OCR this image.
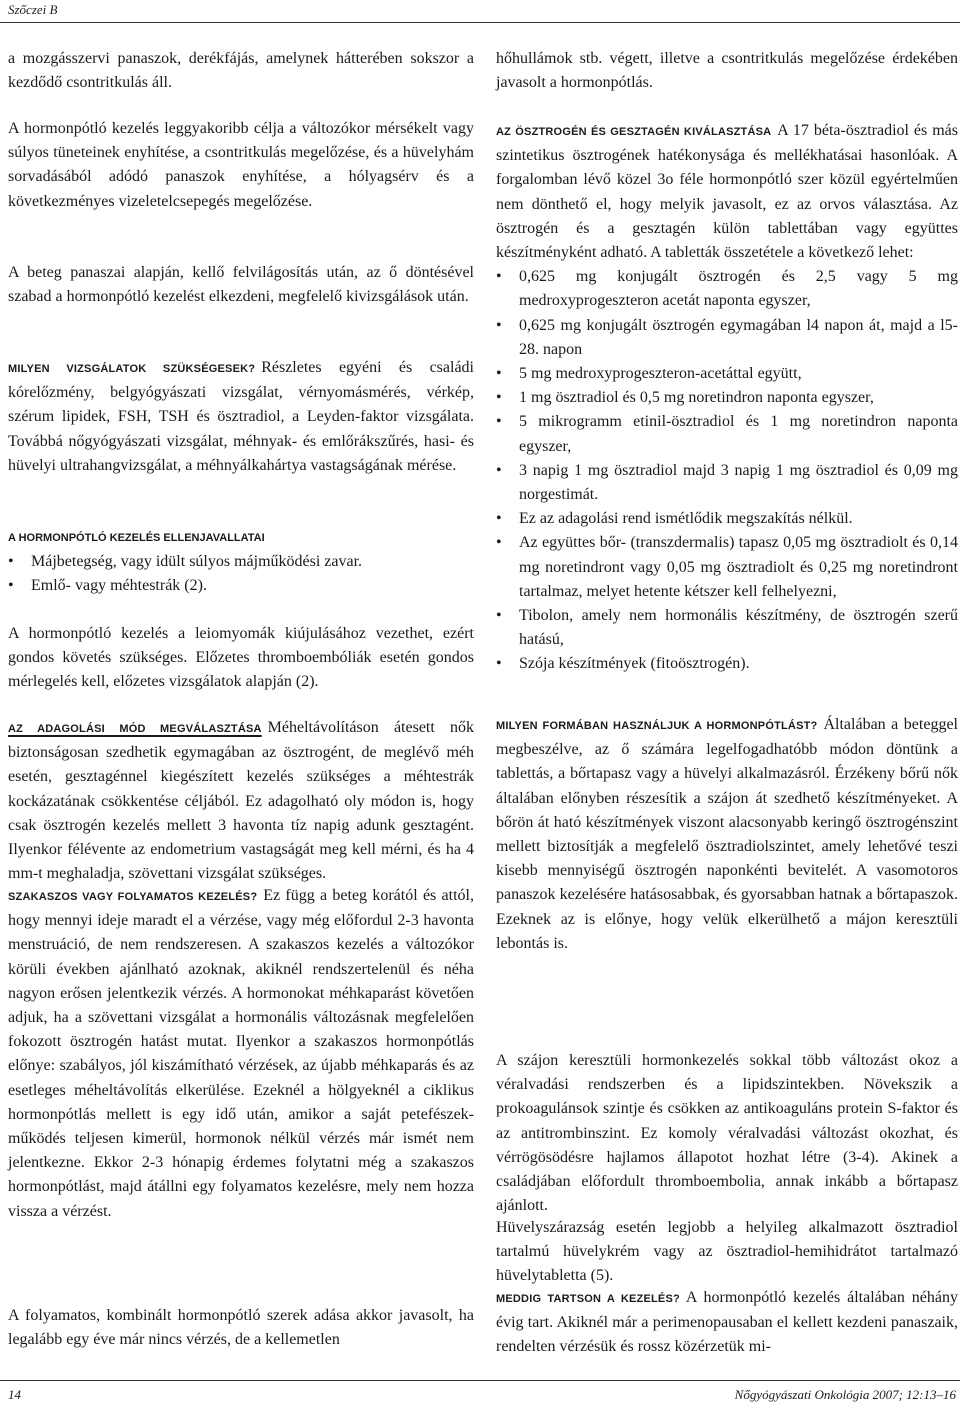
Szőczei B

a mozgásszervi panaszok, derékfájás, amelynek hátterében sokszor a kezdődő csontritkulás áll.

A hormonpótló kezelés leggyakoribb célja a változókor mérsékelt vagy súlyos tüneteinek enyhítése, a csontritkulás megelőzése, és a hüvelyhám sorvadásából adódó panaszok enyhítése, a hólyagsérv és a következményes vizeletelcsepegés megelőzése.

A beteg panaszai alapján, kellő felvilágosítás után, az ő döntésével szabad a hormonpótló kezelést elkezdeni, megfelelő kivizsgálások után.

MILYEN VIZSGÁLATOK SZÜKSÉGESEK? Részletes egyéni és családi kórelőzmény, belgyógyászati vizsgálat, vérnyomásmérés, vérkép, szérum lipidek, FSH, TSH és ösztradiol, a Leyden-faktor vizsgálata. Továbbá nőgyógyászati vizsgálat, méhnyak- és emlőrákszűrés, hasi- és hüvelyi ultrahangvizsgálat, a méhnyálkahártya vastagságának mérése.

A HORMONPÓTLÓ KEZELÉS ELLENJAVALLATAI
• Májbetegség, vagy idült súlyos májműködési zavar.
• Emlő- vagy méhtestrák (2).

A hormonpótló kezelés a leiomyomák kiújulásához vezethet, ezért gondos követés szükséges. Előzetes thromboembóliák esetén gondos mérlegelés kell, előzetes vizsgálatok alapján (2).

AZ ADAGOLÁSI MÓD MEGVÁLASZTÁSA Méheltávolításon átesett nők biztonságosan szedhetik egymagában az ösztrogént, de meglévő méh esetén, gesztagénnel kiegészített kezelés szükséges a méhtestrák kockázatának csökkentése céljából. Ez adagolható oly módon is, hogy csak ösztrogén kezelés mellett 3 havonta tíz napig adunk gesztagént. Ilyenkor félévente az endometrium vastagságát meg kell mérni, és ha 4 mm-t meghaladja, szövettani vizsgálat szükséges.

SZAKASZOS VAGY FOLYAMATOS KEZELÉS? Ez függ a beteg korától és attól, hogy mennyi ideje maradt el a vérzése, vagy még előfordul 2-3 havonta menstruáció, de nem rendszeresen. A szakaszos kezelés a változókor körüli években ajánlható azoknak, akiknél rendszertelenül és néha nagyon erősen jelentkezik vérzés. A hormonokat méhkaparást követően adjuk, ha a szövettani vizsgálat a hormonális változásnak megfelelően fokozott ösztrogén hatást mutat. Ilyenkor a szakaszos hormonpótlás előnye: szabályos, jól kiszámítható vérzések, az újabb méhkaparás és az esetleges méheltávolítás elkerülése. Ezeknél a hölgyeknél a ciklikus hormonpótlás mellett is egy idő után, amikor a saját petefészek-működés teljesen kimerül, hormonok nélkül vérzés már ismét nem jelentkezne. Ekkor 2-3 hónapig érdemes folytatni még a szakaszos hormonpótlást, majd átállni egy folyamatos kezelésre, mely nem hozza vissza a vérzést.

A folyamatos, kombinált hormonpótló szerek adása akkor javasolt, ha legalább egy éve már nincs vérzés, de a kellemetlen

hőhullámok stb. végett, illetve a csontritkulás megelőzése érdekében javasolt a hormonpótlás.

AZ ÖSZTROGÉN ÉS GESZTAGÉN KIVÁLASZTÁSA A 17 béta-ösztradiol és más szintetikus ösztrogének hatékonysága és mellékhatásai hasonlóak. A forgalomban lévő közel 3o féle hormonpótló szer közül egyértelműen nem dönthető el, hogy melyik javasolt, ez az orvos választása. Az ösztrogén és a gesztagén külön tablettában vagy együttes készítményként adható. A tabletták összetétele a következő lehet:

• 0,625 mg konjugált ösztrogén és 2,5 vagy 5 mg medroxyprogeszteron acetát naponta egyszer,
• 0,625 mg konjugált ösztrogén egymagában l4 napon át, majd a l5-28. napon
• 5 mg medroxyprogeszteron-acetáttal együtt,
• 1 mg ösztradiol és 0,5 mg noretindron naponta egyszer,
• 5 mikrogramm etinil-ösztradiol és 1 mg noretindron naponta egyszer,
• 3 napig 1 mg ösztradiol majd 3 napig 1 mg ösztradiol és 0,09 mg norgestimát.
• Ez az adagolási rend ismétlődik megszakítás nélkül.
• Az együttes bőr- (transzdermalis) tapasz 0,05 mg ösztradiolt és 0,14 mg noretindront vagy 0,05 mg ösztradiolt és 0,25 mg noretindront tartalmaz, melyet hetente kétszer kell felhelyezni,
• Tibolon, amely nem hormonális készítmény, de ösztrogén szerű hatású,
• Szója készítmények (fitoösztrogén).

MILYEN FORMÁBAN HASZNÁLJUK A HORMONPÓTLÁST? Általában a beteggel megbeszélve, az ő számára legelfogadhatóbb módon döntünk a tablettás, a bőrtapasz vagy a hüvelyi alkalmazásról. Érzékeny bőrű nők általában előnyben részesítik a szájon át szedhető készítményeket. A bőrön át ható készítmények viszont alacsonyabb keringő ösztrogénszint mellett biztosítják a megfelelő ösztradiolszintet, amely lehetővé teszi kisebb mennyiségű ösztrogén naponkénti bevitelét. A vasomotoros panaszok kezelésére hatásosabbak, és gyorsabban hatnak a bőrtapaszok. Ezeknek az is előnye, hogy velük elkerülhető a májon keresztüli lebontás is.

A szájon keresztüli hormonkezelés sokkal több változást okoz a véralvadási rendszerben és a lipidszintekben. Növekszik a prokoagulánsok szintje és csökken az antikoaguláns protein S-faktor és az antitrombinszint. Ez komoly véralvadási változást okozhat, és vérrögösödésre hajlamos állapotot hozhat létre (3-4). Akinek a családjában előfordult thromboembolia, annak inkább a bőrtapasz ajánlott.

Hüvelyszárazság esetén legjobb a helyileg alkalmazott ösztradiol tartalmú hüvelykrém vagy az ösztradiol-hemihidrátot tartalmazó hüvelytabletta (5).

MEDDIG TARTSON A KEZELÉS? A hormonpótló kezelés általában néhány évig tart. Akiknél már a perimenopausaban el kellett kezdeni panaszaik, rendelten vérzésük és rossz közérzetük mi-

14	Nőgyógyászati Onkológia 2007; 12:13–16
